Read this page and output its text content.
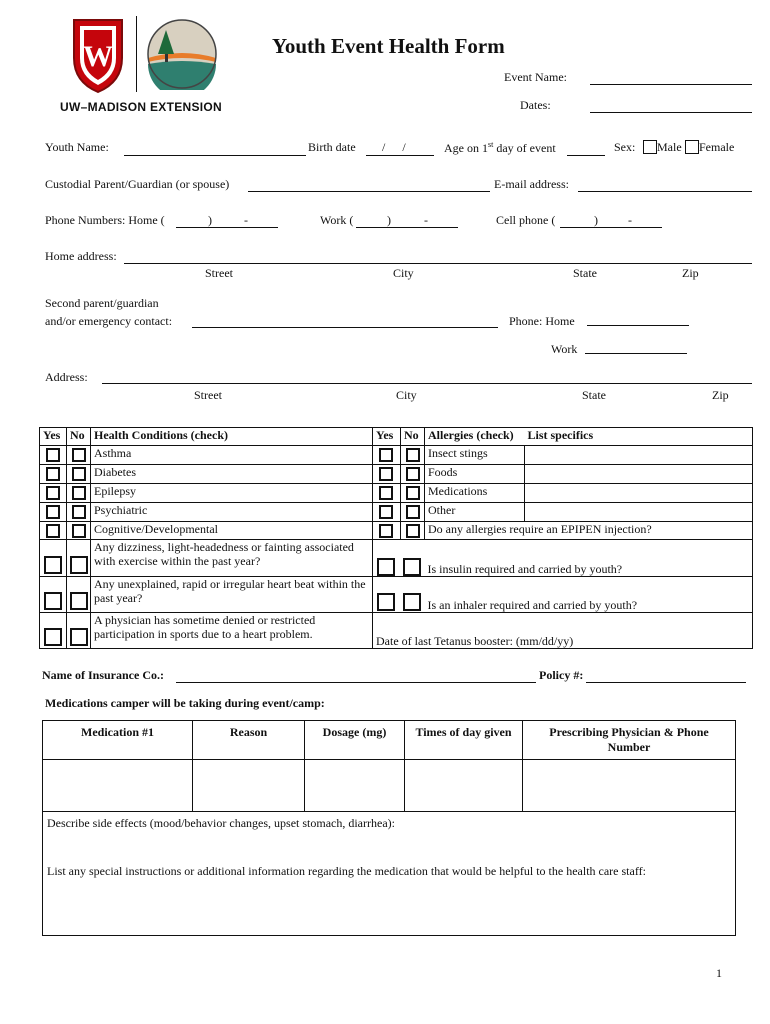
W
UW–MADISON EXTENSION
Youth Event Health Form
Event Name:
Dates:
Youth Name:	Birth date / /	Age on 1st day of event	Sex: Male Female
Custodial Parent/Guardian (or spouse)	E-mail address:
Phone Numbers: Home (	)	-	Work (	)	-	Cell phone (	)	-
Home address:
Street	City	State	Zip
Second parent/guardian
and/or emergency contact:	Phone: Home
Work
Address:
Street	City	State	Zip
Yes	No	Health Conditions (check)	Yes	No	Allergies (check)	List specifics
		Asthma			Insect stings	
		Diabetes			Foods	
		Epilepsy			Medications	
		Psychiatric			Other	
		Cognitive/Developmental			Do any allergies require an EPIPEN injection?	
		Any dizziness, light-headedness or fainting associated with exercise within the past year?			Is insulin required and carried by youth?	
		Any unexplained, rapid or irregular heart beat within the past year?			Is an inhaler required and carried by youth?	
		A physician has sometime denied or restricted participation in sports due to a heart problem.	Date of last Tetanus booster: (mm/dd/yy)			
Name of Insurance Co.:	Policy #:
Medications camper will be taking during event/camp:
Medication #1	Reason	Dosage (mg)	Times of day given	Prescribing Physician & Phone Number

Describe side effects (mood/behavior changes, upset stomach, diarrhea):
List any special instructions or additional information regarding the medication that would be helpful to the health care staff:				
1
